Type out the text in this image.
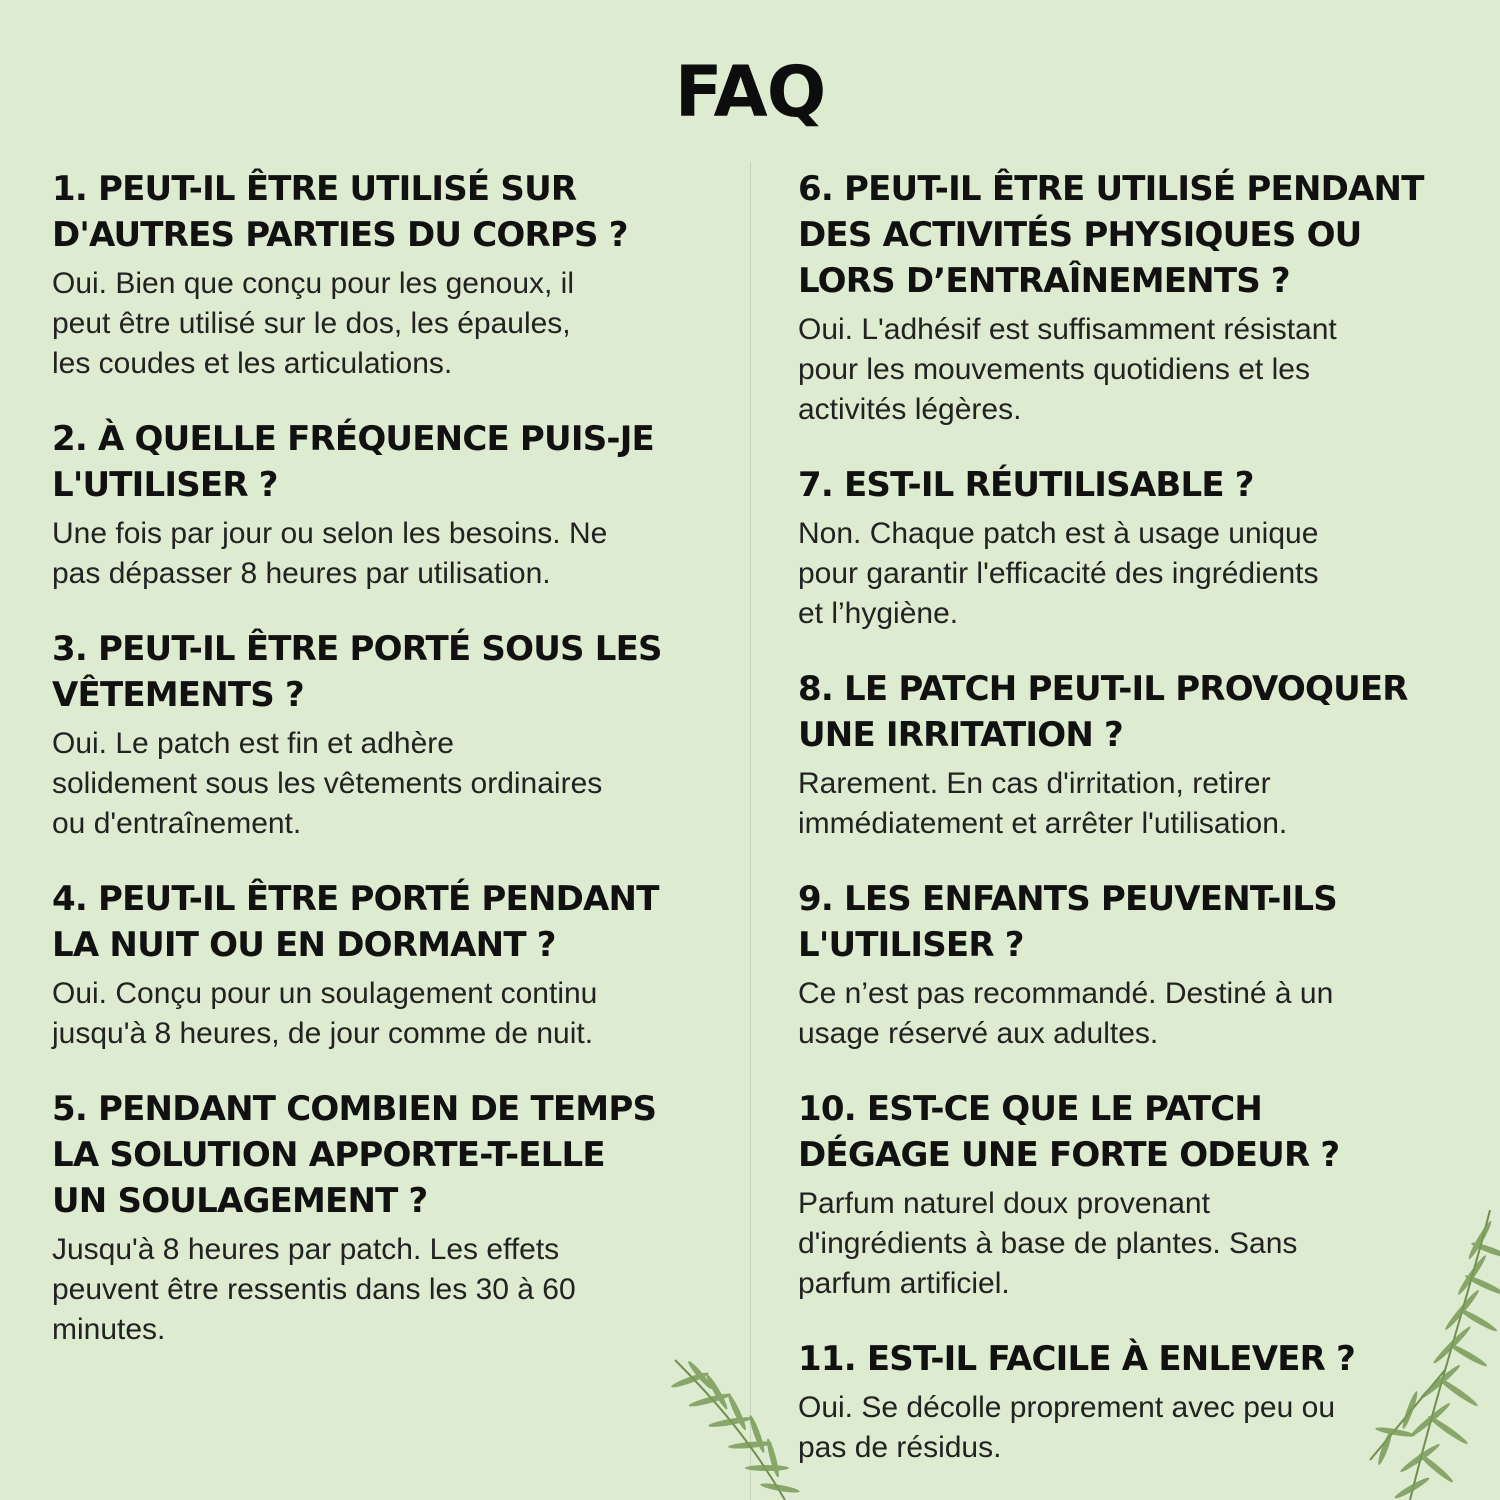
FAQ
1. PEUT-IL ÊTRE UTILISÉ SUR
D'AUTRES PARTIES DU CORPS ?

Oui. Bien que conçu pour les genoux, il
peut être utilisé sur le dos, les épaules,
les coudes et les articulations.

2. À QUELLE FRÉQUENCE PUIS-JE
L'UTILISER ?

Une fois par jour ou selon les besoins. Ne
pas dépasser 8 heures par utilisation.

3. PEUT-IL ÊTRE PORTÉ SOUS LES
VÊTEMENTS ?

Oui. Le patch est fin et adhère
solidement sous les vêtements ordinaires
ou d'entraînement.

4. PEUT-IL ÊTRE PORTÉ PENDANT
LA NUIT OU EN DORMANT ?

Oui. Conçu pour un soulagement continu
jusqu'à 8 heures, de jour comme de nuit.

5. PENDANT COMBIEN DE TEMPS
LA SOLUTION APPORTE-T-ELLE
UN SOULAGEMENT ?

Jusqu'à 8 heures par patch. Les effets
peuvent être ressentis dans les 30 à 60
minutes.

6. PEUT-IL ÊTRE UTILISÉ PENDANT
DES ACTIVITÉS PHYSIQUES OU
LORS D’ENTRAÎNEMENTS ?

Oui. L'adhésif est suffisamment résistant
pour les mouvements quotidiens et les
activités légères.

7. EST-IL RÉUTILISABLE ?

Non. Chaque patch est à usage unique
pour garantir l'efficacité des ingrédients
et l’hygiène.

8. LE PATCH PEUT-IL PROVOQUER
UNE IRRITATION ?

Rarement. En cas d'irritation, retirer
immédiatement et arrêter l'utilisation.

9. LES ENFANTS PEUVENT-ILS
L'UTILISER ?

Ce n’est pas recommandé. Destiné à un
usage réservé aux adultes.

10. EST-CE QUE LE PATCH
DÉGAGE UNE FORTE ODEUR ?

Parfum naturel doux provenant
d'ingrédients à base de plantes. Sans
parfum artificiel.

11. EST-IL FACILE À ENLEVER ?

Oui. Se décolle proprement avec peu ou
pas de résidus.
